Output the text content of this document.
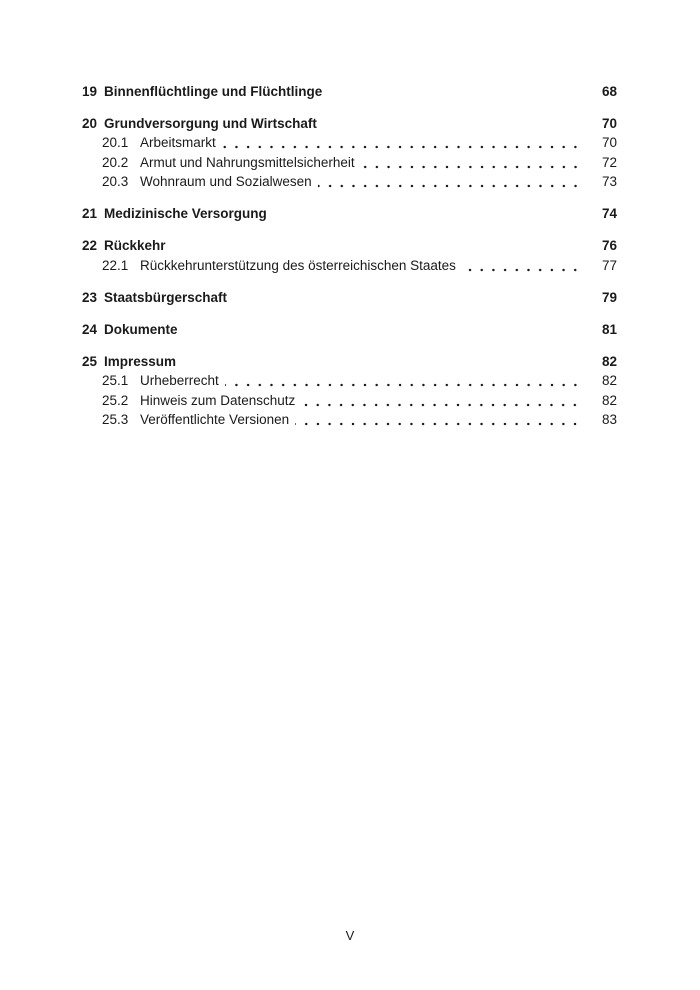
19 Binnenflüchtlinge und Flüchtlinge	68
20 Grundversorgung und Wirtschaft	70
20.1 Arbeitsmarkt	70
20.2 Armut und Nahrungsmittelsicherheit	72
20.3 Wohnraum und Sozialwesen	73
21 Medizinische Versorgung	74
22 Rückkehr	76
22.1 Rückkehrunterstützung des österreichischen Staates	77
23 Staatsbürgerschaft	79
24 Dokumente	81
25 Impressum	82
25.1 Urheberrecht	82
25.2 Hinweis zum Datenschutz	82
25.3 Veröffentlichte Versionen	83
V
